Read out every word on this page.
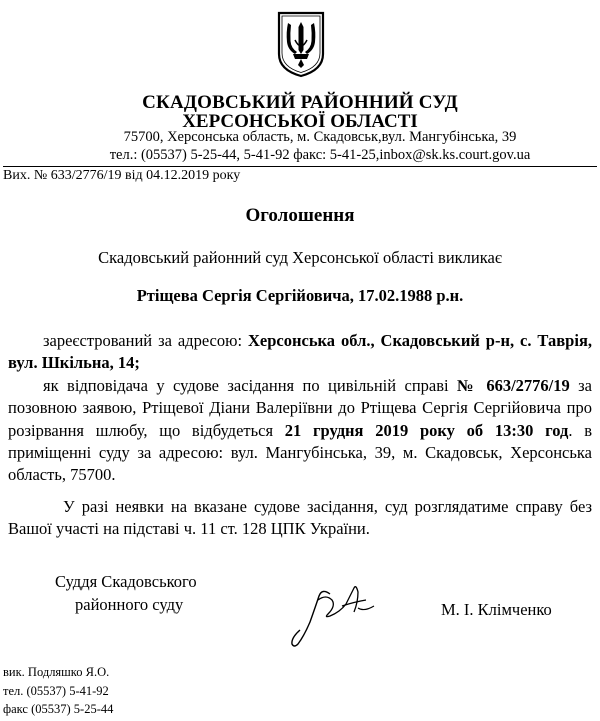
СКАДОВСЬКИЙ РАЙОННИЙ СУД
ХЕРСОНСЬКОЇ ОБЛАСТІ
75700, Херсонська область, м. Скадовськ,вул. Мангубінська, 39
тел.: (05537) 5-25-44, 5-41-92 факс: 5-41-25,inbox@sk.ks.court.gov.ua
Вих. № 633/2776/19 від 04.12.2019 року
Оголошення
Скадовський районний суд Херсонської області викликає
Ртіщева Сергія Сергійовича, 17.02.1988 р.н.

зареєстрований за адресою: Херсонська обл., Скадовський р-н, с. Таврія, вул. Шкільна, 14;

як відповідача у судове засідання по цивільній справі № 663/2776/19 за позовною заявою, Ртіщевої Діани Валеріївни до Ртіщева Сергія Сергійовича про розірвання шлюбу, що відбудеться 21 грудня 2019 року об 13:30 год. в приміщенні суду за адресою: вул. Мангубінська, 39, м. Скадовськ, Херсонська область, 75700.

У разі неявки на вказане судове засідання, суд розглядатиме справу без Вашої участі на підставі ч. 11 ст. 128 ЦПК України.

Суддя Скадовського
районного суду	М. І. Клімченко
вик. Подляшко Я.О.
тел. (05537) 5-41-92
факс (05537) 5-25-44
